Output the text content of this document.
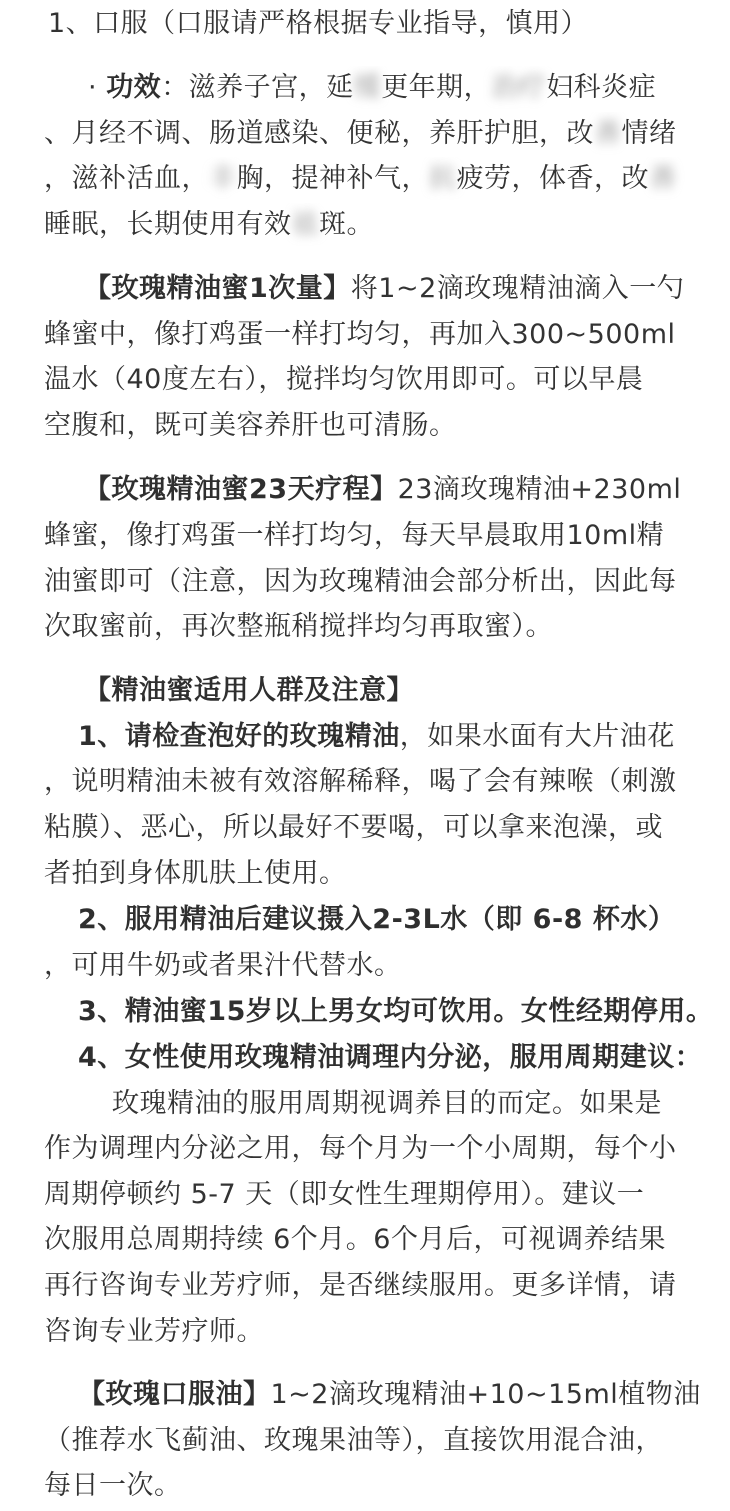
1、口服（口服请严格根据专业指导，慎用）
· 功效：滋养子宫，延缓更年期，治疗妇科炎症
、月经不调、肠道感染、便秘，养肝护胆，改善情绪
，滋补活血，丰胸，提神补气，抗疲劳，体香，改善
睡眠，长期使用有效祛斑。
【玫瑰精油蜜1次量】将1~2滴玫瑰精油滴入一勺
蜂蜜中，像打鸡蛋一样打均匀，再加入300~500ml
温水（40度左右），搅拌均匀饮用即可。可以早晨
空腹和，既可美容养肝也可清肠。
【玫瑰精油蜜23天疗程】23滴玫瑰精油+230ml
蜂蜜，像打鸡蛋一样打均匀，每天早晨取用10ml精
油蜜即可（注意，因为玫瑰精油会部分析出，因此每
次取蜜前，再次整瓶稍搅拌均匀再取蜜）。
【精油蜜适用人群及注意】
1、请检查泡好的玫瑰精油，如果水面有大片油花
，说明精油未被有效溶解稀释，喝了会有辣喉（刺激
粘膜）、恶心，所以最好不要喝，可以拿来泡澡，或
者拍到身体肌肤上使用。
2、服用精油后建议摄入2-3L水（即 6-8 杯水）
，可用牛奶或者果汁代替水。
3、精油蜜15岁以上男女均可饮用。女性经期停用。
4、女性使用玫瑰精油调理内分泌，服用周期建议：
玫瑰精油的服用周期视调养目的而定。如果是
作为调理内分泌之用，每个月为一个小周期，每个小
周期停顿约 5-7 天（即女性生理期停用）。建议一
次服用总周期持续 6个月。6个月后，可视调养结果
再行咨询专业芳疗师，是否继续服用。更多详情，请
咨询专业芳疗师。
【玫瑰口服油】1~2滴玫瑰精油+10~15ml植物油
（推荐水飞蓟油、玫瑰果油等），直接饮用混合油，
每日一次。
